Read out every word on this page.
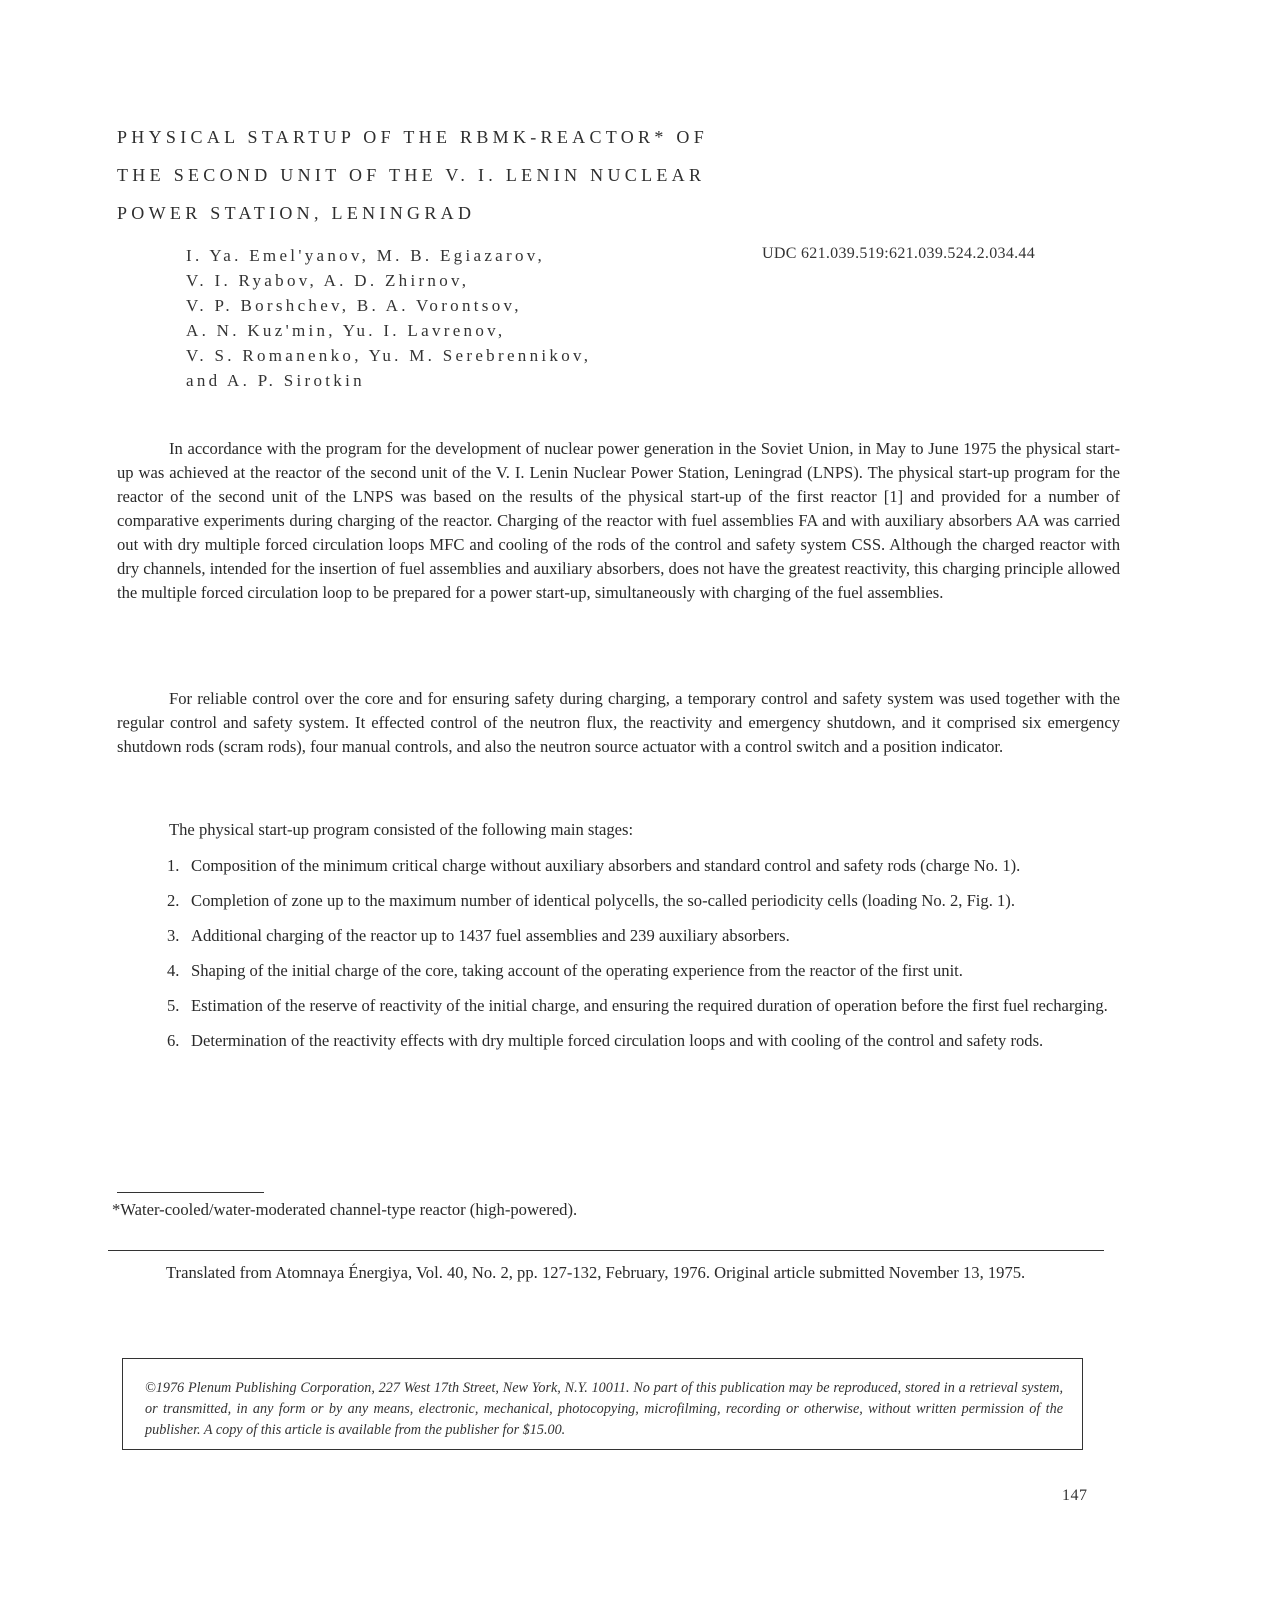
PHYSICAL STARTUP OF THE RBMK-REACTOR* OF
THE SECOND UNIT OF THE V. I. LENIN NUCLEAR
POWER STATION, LENINGRAD
I. Ya. Emel'yanov, M. B. Egiazarov,
V. I. Ryabov, A. D. Zhirnov,
V. P. Borshchev, B. A. Vorontsov,
A. N. Kuz'min, Yu. I. Lavrenov,
V. S. Romanenko, Yu. M. Serebrennikov,
and A. P. Sirotkin
UDC 621.039.519:621.039.524.2.034.44

In accordance with the program for the development of nuclear power generation in the Soviet Union, in May to June 1975 the physical start-up was achieved at the reactor of the second unit of the V. I. Lenin Nuclear Power Station, Leningrad (LNPS). The physical start-up program for the reactor of the second unit of the LNPS was based on the results of the physical start-up of the first reactor [1] and provided for a number of comparative experiments during charging of the reactor. Charging of the reactor with fuel assemblies FA and with auxiliary absorbers AA was carried out with dry multiple forced circulation loops MFC and cooling of the rods of the control and safety system CSS. Although the charged reactor with dry channels, intended for the insertion of fuel assemblies and auxiliary absorbers, does not have the greatest reactivity, this charging principle allowed the multiple forced circulation loop to be prepared for a power start-up, simultaneously with charging of the fuel assemblies.

For reliable control over the core and for ensuring safety during charging, a temporary control and safety system was used together with the regular control and safety system. It effected control of the neutron flux, the reactivity and emergency shutdown, and it comprised six emergency shutdown rods (scram rods), four manual controls, and also the neutron source actuator with a control switch and a position indicator.

The physical start-up program consisted of the following main stages:
1. Composition of the minimum critical charge without auxiliary absorbers and standard control and safety rods (charge No. 1).
2. Completion of zone up to the maximum number of identical polycells, the so-called periodicity cells (loading No. 2, Fig. 1).
3. Additional charging of the reactor up to 1437 fuel assemblies and 239 auxiliary absorbers.
4. Shaping of the initial charge of the core, taking account of the operating experience from the reactor of the first unit.
5. Estimation of the reserve of reactivity of the initial charge, and ensuring the required duration of operation before the first fuel recharging.
6. Determination of the reactivity effects with dry multiple forced circulation loops and with cooling of the control and safety rods.
*Water-cooled/water-moderated channel-type reactor (high-powered).
Translated from Atomnaya Énergiya, Vol. 40, No. 2, pp. 127-132, February, 1976. Original article submitted November 13, 1975.
©1976 Plenum Publishing Corporation, 227 West 17th Street, New York, N.Y. 10011. No part of this publication may be reproduced, stored in a retrieval system, or transmitted, in any form or by any means, electronic, mechanical, photocopying, microfilming, recording or otherwise, without written permission of the publisher. A copy of this article is available from the publisher for $15.00.
147
